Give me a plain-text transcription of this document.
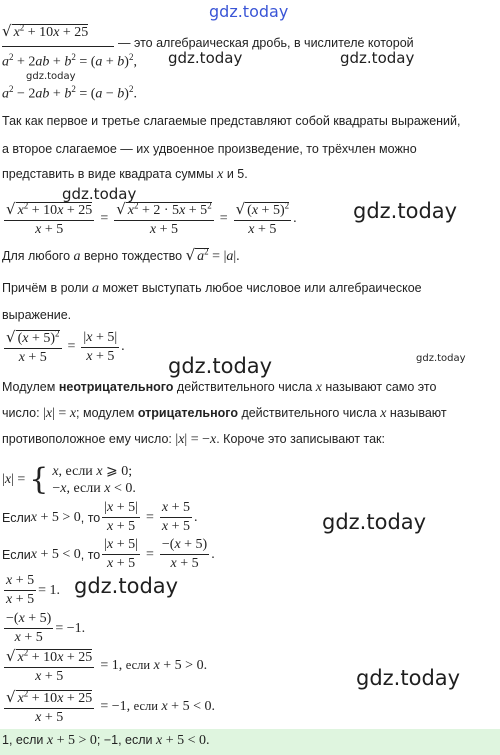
gdz.today
√ $x^2 + 10x + 25$
— это алгебраическая дробь, в числителе которой
$a^2 + 2ab + b^2 = (a + b)^2$, gdz.today	gdz.today
gdz.today
$a^2 - 2ab + b^2 = (a - b)^2$.
Так как первое и третье слагаемые представляют собой квадраты выражений,
а второе слагаемое — их удвоенное произведение, то трёхчлен можно
представить в виде квадрата суммы x и 5.
gdz.today
$\frac{√ x^2 + 10x + 25}{x + 5} = \frac{√ x^2 + 2 \cdot 5x + 5^2}{x + 5} = \frac{√ (x + 5)^2}{x + 5}$ .	gdz.today
Для любого a верно тождество √ $a^2 = |a|$.
Причём в роли a может выступать любое числовое или алгебраическое
выражение.
$\frac{√ (x + 5)^2}{x + 5} = \frac{|x + 5|}{x + 5}$ .
gdz.today	gdz.today
Модулем неотрицательного действительного числа x называют само это
число: |x| = x; модулем отрицательного действительного числа x называют
противоположное ему число: |x| = −x. Короче это записывают так:
|x| = { x, если x ⩾ 0;
−x, если x < 0.
Если x + 5 > 0 , то $\frac{|x + 5|}{x + 5} = \frac{x + 5}{x + 5}$ .	gdz.today
Если x + 5 < 0 , то $\frac{|x + 5|}{x + 5} = \frac{-(x + 5)}{x + 5}$ .
$\frac{x + 5}{x + 5} = 1$. gdz.today
$\frac{-(x + 5)}{x + 5} = -1$.
$\frac{√ x^2 + 10x + 25}{x + 5} = 1$, если x + 5 > 0.
gdz.today
$\frac{√ x^2 + 10x + 25}{x + 5} = -1$, если x + 5 < 0.
1, если x + 5 > 0; −1, если x + 5 < 0.
